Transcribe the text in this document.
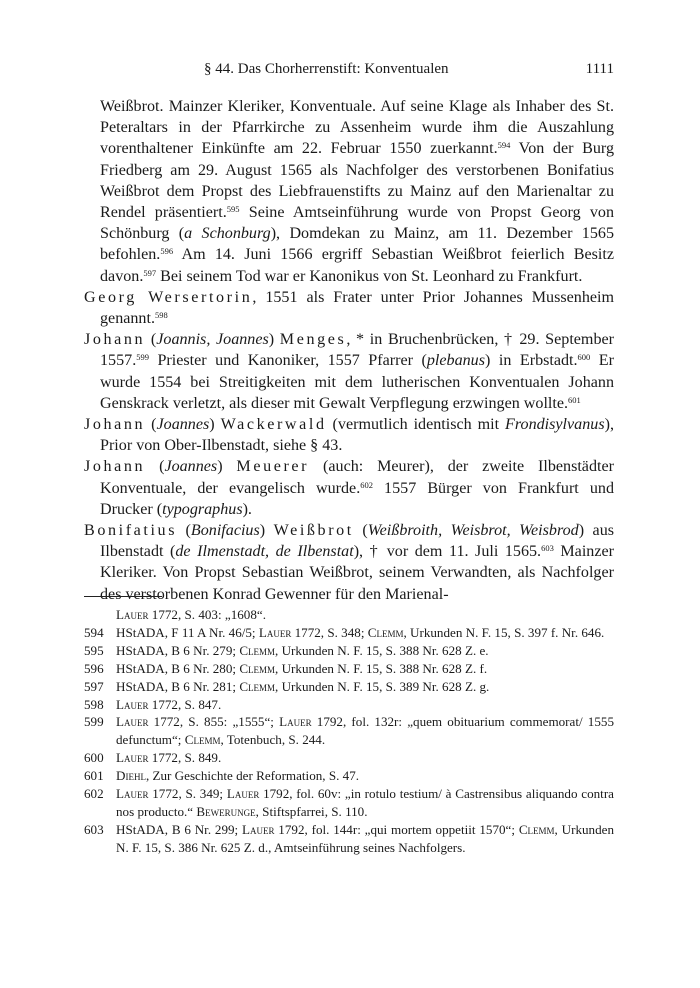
§ 44. Das Chorherrenstift: Konventualen	1111

Weißbrot. Mainzer Kleriker, Konventuale. Auf seine Klage als Inhaber des St. Peteraltars in der Pfarrkirche zu Assenheim wurde ihm die Auszahlung vorenthaltener Einkünfte am 22. Februar 1550 zuerkannt.$^{594}$ Von der Burg Friedberg am 29. August 1565 als Nachfolger des verstorbenen Bonifatius Weißbrot dem Propst des Liebfrauenstifts zu Mainz auf den Marienaltar zu Rendel präsentiert.$^{595}$ Seine Amtseinführung wurde von Propst Georg von Schönburg (a Schonburg), Domdekan zu Mainz, am 11. Dezember 1565 befohlen.$^{596}$ Am 14. Juni 1566 ergriff Sebastian Weißbrot feierlich Besitz davon.$^{597}$ Bei seinem Tod war er Kanonikus von St. Leonhard zu Frankfurt.

Georg Wersertorin, 1551 als Frater unter Prior Johannes Mussenheim genannt.$^{598}$

Johann (Joannis, Joannes) Menges, * in Bruchenbrücken, † 29. September 1557.$^{599}$ Priester und Kanoniker, 1557 Pfarrer (plebanus) in Erbstadt.$^{600}$ Er wurde 1554 bei Streitigkeiten mit dem lutherischen Konventualen Johann Genskrack verletzt, als dieser mit Gewalt Verpflegung erzwingen wollte.$^{601}$

Johann (Joannes) Wackerwald (vermutlich identisch mit Frondisylvanus), Prior von Ober-Ilbenstadt, siehe § 43.

Johann (Joannes) Meuerer (auch: Meurer), der zweite Ilbenstädter Konventuale, der evangelisch wurde.$^{602}$ 1557 Bürger von Frankfurt und Drucker (typographus).

Bonifatius (Bonifacius) Weißbrot (Weißbroith, Weisbrot, Weisbrod) aus Ilbenstadt (de Ilmenstadt, de Ilbenstat), † vor dem 11. Juli 1565.$^{603}$ Mainzer Kleriker. Von Propst Sebastian Weißbrot, seinem Verwandten, als Nachfolger des verstorbenen Konrad Gewenner für den Marienal-

Lauer 1772, S. 403: „1608“.
594 HStADA, F 11 A Nr. 46/5; Lauer 1772, S. 348; Clemm, Urkunden N. F. 15, S. 397 f. Nr. 646.
595 HStADA, B 6 Nr. 279; Clemm, Urkunden N. F. 15, S. 388 Nr. 628 Z. e.
596 HStADA, B 6 Nr. 280; Clemm, Urkunden N. F. 15, S. 388 Nr. 628 Z. f.
597 HStADA, B 6 Nr. 281; Clemm, Urkunden N. F. 15, S. 389 Nr. 628 Z. g.
598 Lauer 1772, S. 847.
599 Lauer 1772, S. 855: „1555“; Lauer 1792, fol. 132r: „quem obituarium commemorat/ 1555 defunctum“; Clemm, Totenbuch, S. 244.
600 Lauer 1772, S. 849.
601 Diehl, Zur Geschichte der Reformation, S. 47.
602 Lauer 1772, S. 349; Lauer 1792, fol. 60v: „in rotulo testium/ à Castrensibus aliquando contra nos producto.“ Bewerunge, Stiftspfarrei, S. 110.
603 HStADA, B 6 Nr. 299; Lauer 1792, fol. 144r: „qui mortem oppetiit 1570“; Clemm, Urkunden N. F. 15, S. 386 Nr. 625 Z. d., Amtseinführung seines Nachfolgers.
